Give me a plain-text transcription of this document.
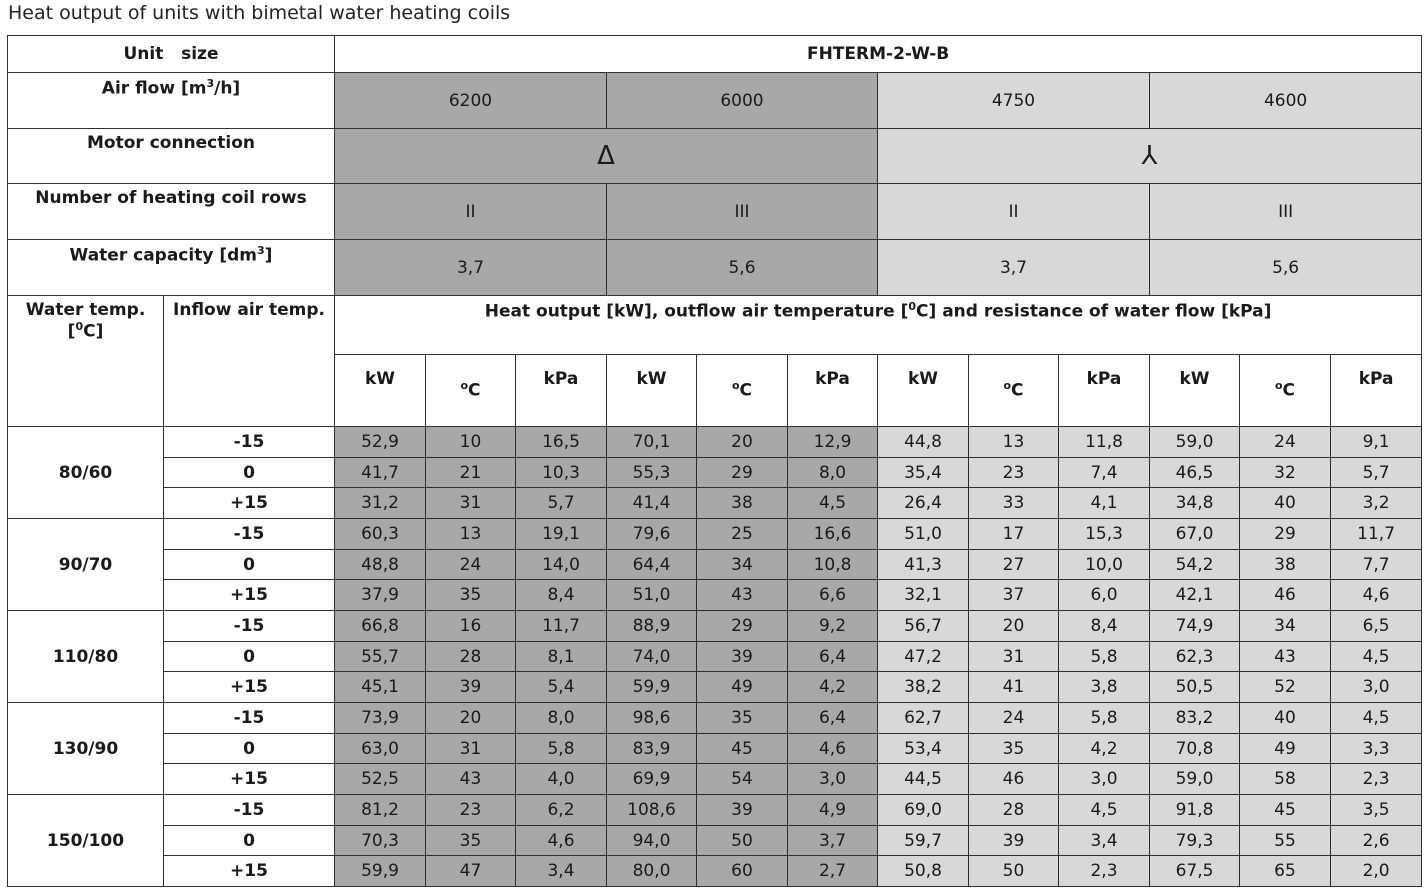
Heat output of units with bimetal water heating coils
Unit   size		FHTERM-2-W-B											
Air flow $[m^3/h]$		6200			6000			4750			4600		
Motor connection		Δ						⅄					
Number of heating coil rows		II			III			II			III		
Water capacity $[dm^3]$		3,7			5,6			3,7			5,6		

Water temp.
[$^0$C]	Inflow air temp.	Heat output [kW], outflow air temperature [$^0$C] and resistance of water flow [kPa]											
		kW	$^o$C	kPa	kW	$^o$C	kPa	kW	$^o$C	kPa	kW	$^o$C	kPa
80/60	-15	52,9	10	16,5	70,1	20	12,9	44,8	13	11,8	59,0	24	9,1
	0	41,7	21	10,3	55,3	29	8,0	35,4	23	7,4	46,5	32	5,7
	+15	31,2	31	5,7	41,4	38	4,5	26,4	33	4,1	34,8	40	3,2
90/70	-15	60,3	13	19,1	79,6	25	16,6	51,0	17	15,3	67,0	29	11,7
	0	48,8	24	14,0	64,4	34	10,8	41,3	27	10,0	54,2	38	7,7
	+15	37,9	35	8,4	51,0	43	6,6	32,1	37	6,0	42,1	46	4,6
110/80	-15	66,8	16	11,7	88,9	29	9,2	56,7	20	8,4	74,9	34	6,5
	0	55,7	28	8,1	74,0	39	6,4	47,2	31	5,8	62,3	43	4,5
	+15	45,1	39	5,4	59,9	49	4,2	38,2	41	3,8	50,5	52	3,0
130/90	-15	73,9	20	8,0	98,6	35	6,4	62,7	24	5,8	83,2	40	4,5
	0	63,0	31	5,8	83,9	45	4,6	53,4	35	4,2	70,8	49	3,3
	+15	52,5	43	4,0	69,9	54	3,0	44,5	46	3,0	59,0	58	2,3
150/100	-15	81,2	23	6,2	108,6	39	4,9	69,0	28	4,5	91,8	45	3,5
	0	70,3	35	4,6	94,0	50	3,7	59,7	39	3,4	79,3	55	2,6
	+15	59,9	47	3,4	80,0	60	2,7	50,8	50	2,3	67,5	65	2,0
